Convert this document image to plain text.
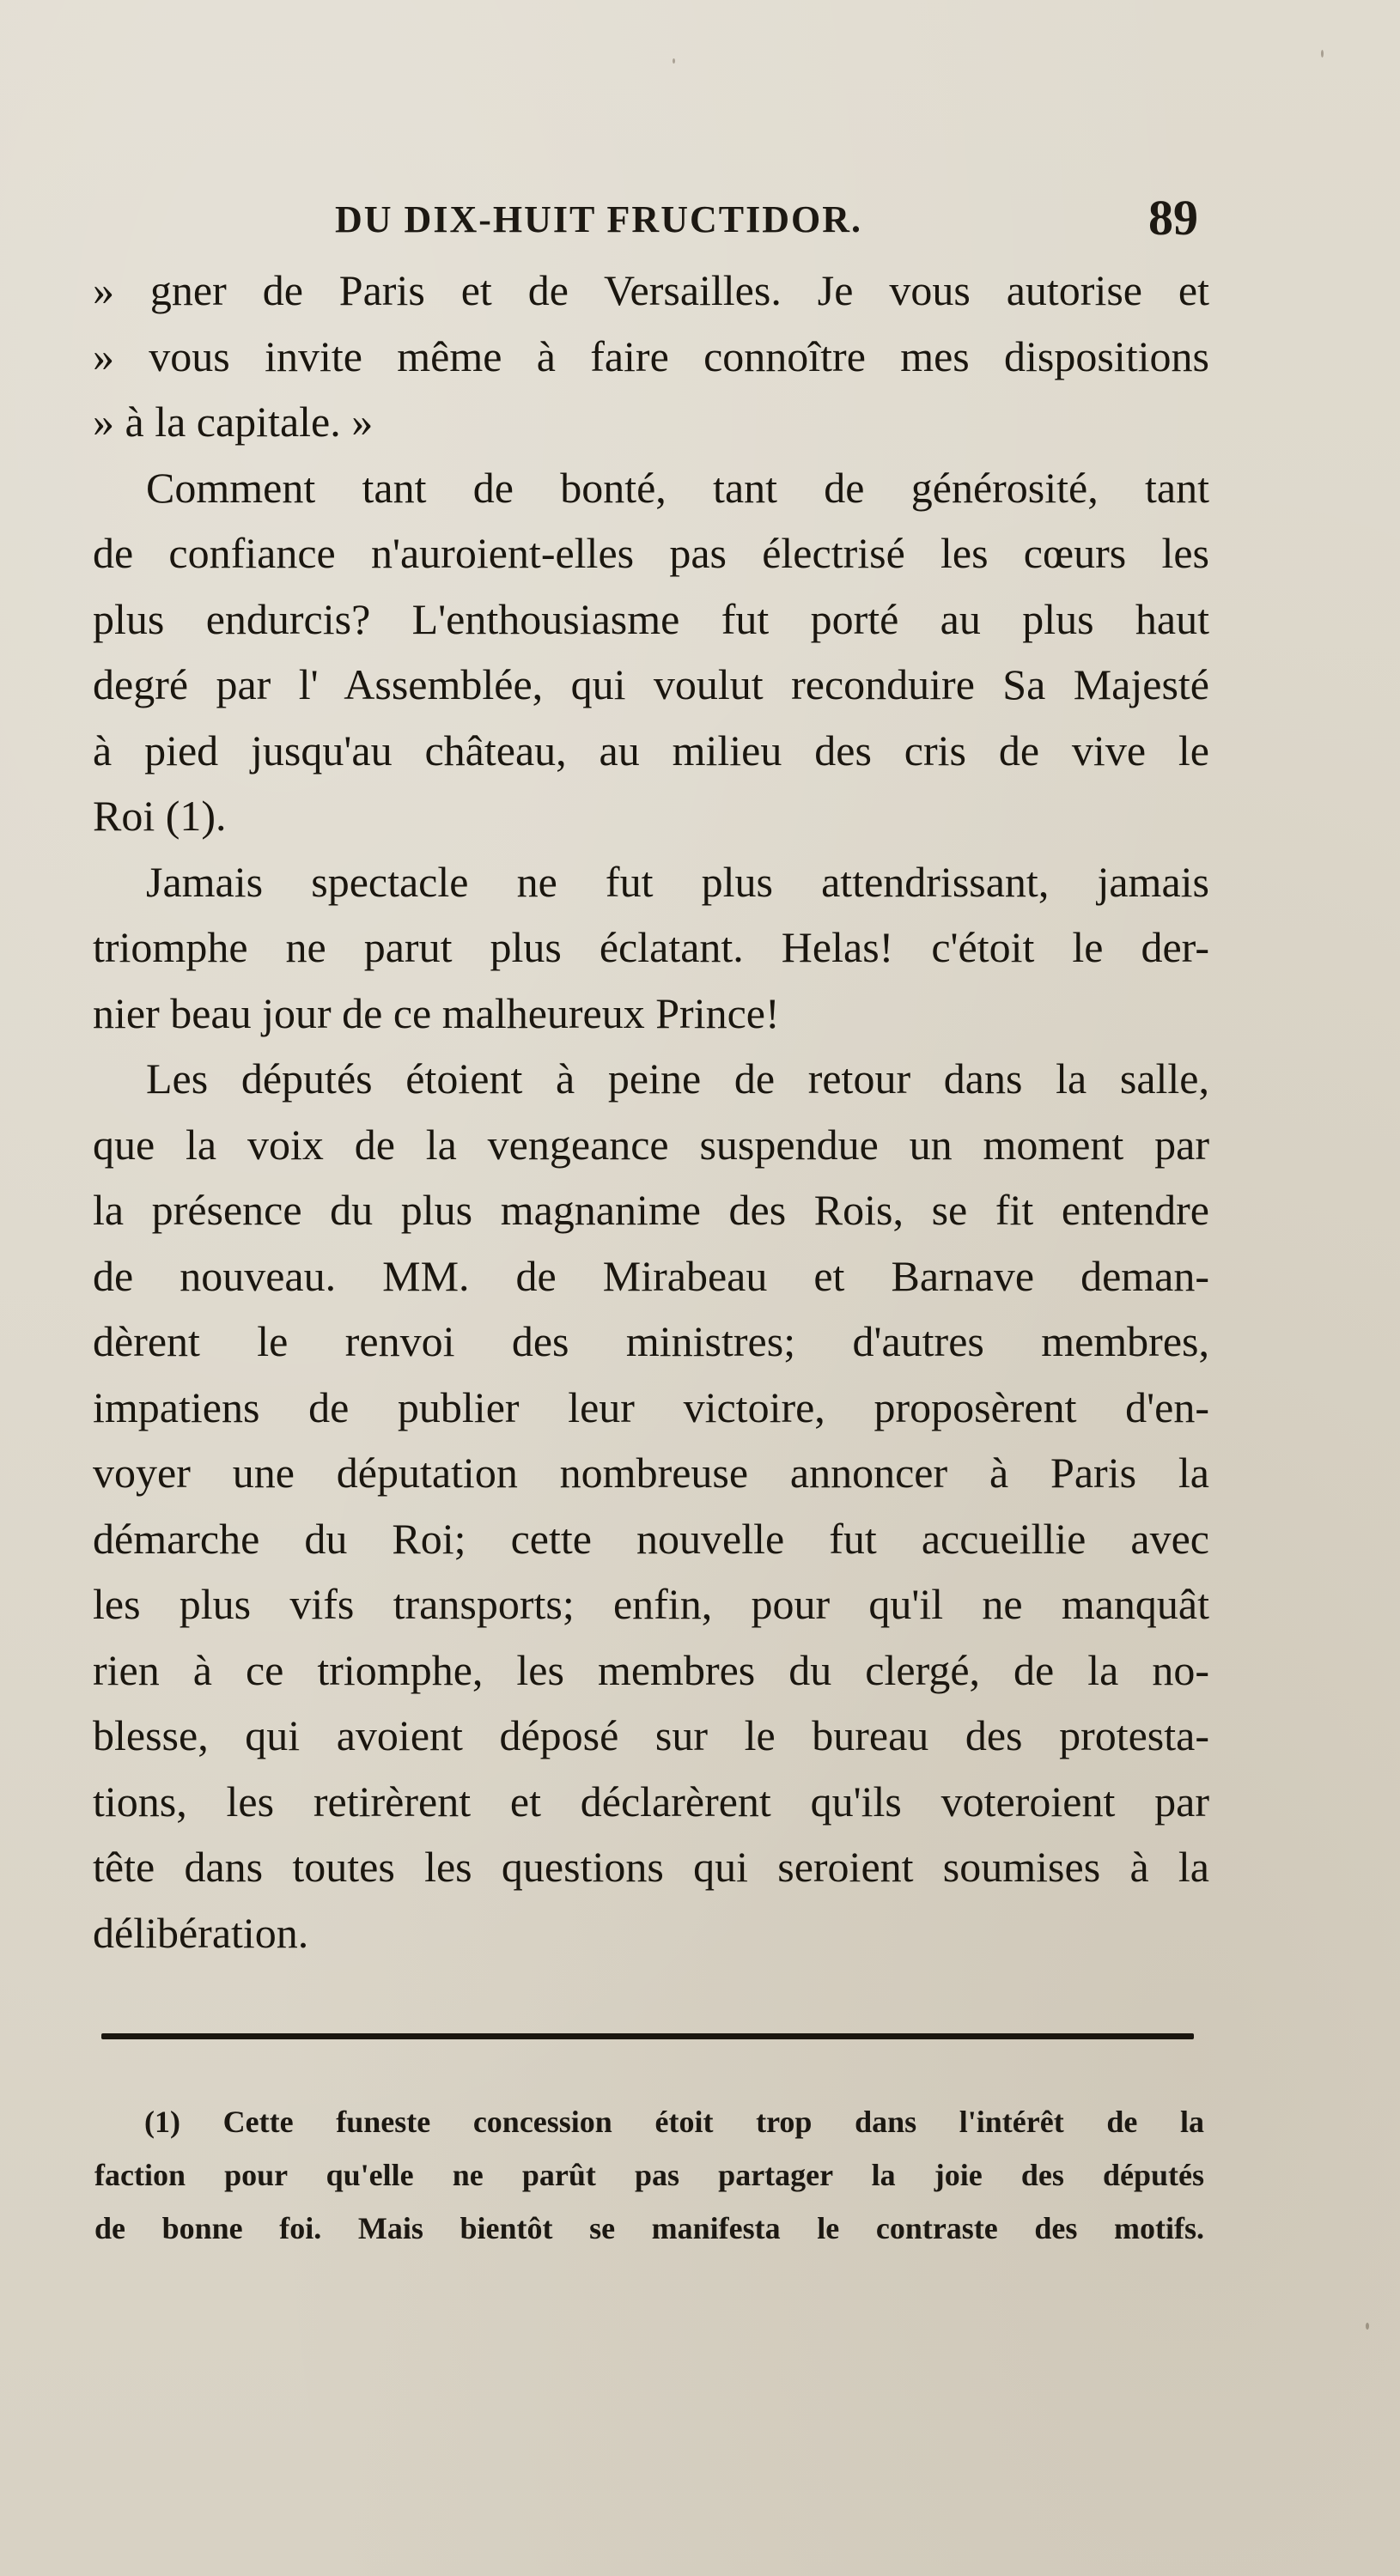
DU DIX-HUIT FRUCTIDOR.	89
» gner de Paris et de Versailles. Je vous autorise et
» vous invite même à faire connoître mes dispositions
» à la capitale. »
Comment tant de bonté, tant de générosité, tant
de confiance n'auroient-elles pas électrisé les cœurs les
plus endurcis? L'enthousiasme fut porté au plus haut
degré par l' Assemblée, qui voulut reconduire Sa Majesté
à pied jusqu'au château, au milieu des cris de vive le
Roi (1).
Jamais spectacle ne fut plus attendrissant, jamais
triomphe ne parut plus éclatant. Helas! c'étoit le der-
nier beau jour de ce malheureux Prince!
Les députés étoient à peine de retour dans la salle,
que la voix de la vengeance suspendue un moment par
la présence du plus magnanime des Rois, se fit entendre
de nouveau. MM. de Mirabeau et Barnave deman-
dèrent le renvoi des ministres; d'autres membres,
impatiens de publier leur victoire, proposèrent d'en-
voyer une députation nombreuse annoncer à Paris la
démarche du Roi; cette nouvelle fut accueillie avec
les plus vifs transports; enfin, pour qu'il ne manquât
rien à ce triomphe, les membres du clergé, de la no-
blesse, qui avoient déposé sur le bureau des protesta-
tions, les retirèrent et déclarèrent qu'ils voteroient par
tête dans toutes les questions qui seroient soumises à la
délibération.
(1) Cette funeste concession étoit trop dans l'intérêt de la
faction pour qu'elle ne parût pas partager la joie des députés
de bonne foi. Mais bientôt se manifesta le contraste des motifs.
